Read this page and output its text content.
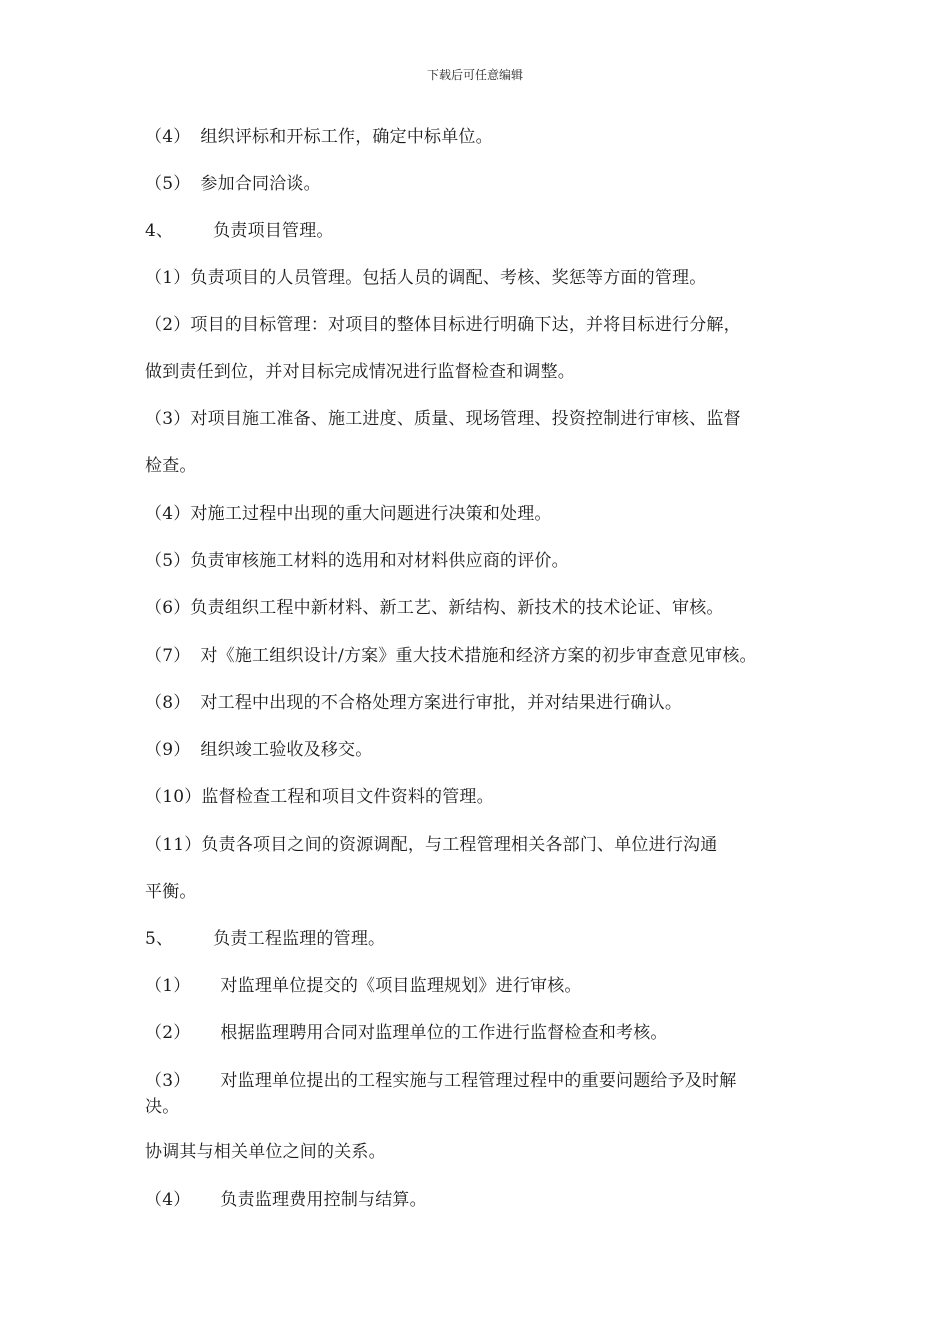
下载后可任意编辑
（4） 组织评标和开标工作，确定中标单位。
（5） 参加合同洽谈。
4、 负责项目管理。
（1）负责项目的人员管理。包括人员的调配、考核、奖惩等方面的管理。
（2）项目的目标管理：对项目的整体目标进行明确下达，并将目标进行分解，
做到责任到位，并对目标完成情况进行监督检查和调整。
（3）对项目施工准备、施工进度、质量、现场管理、投资控制进行审核、监督
检查。
（4）对施工过程中出现的重大问题进行决策和处理。
（5）负责审核施工材料的选用和对材料供应商的评价。
（6）负责组织工程中新材料、新工艺、新结构、新技术的技术论证、审核。
（7） 对《施工组织设计/方案》重大技术措施和经济方案的初步审查意见审核。
（8） 对工程中出现的不合格处理方案进行审批，并对结果进行确认。
（9） 组织竣工验收及移交。
（10）监督检查工程和项目文件资料的管理。
（11）负责各项目之间的资源调配，与工程管理相关各部门、单位进行沟通
平衡。
5、 负责工程监理的管理。
（1） 对监理单位提交的《项目监理规划》进行审核。
（2） 根据监理聘用合同对监理单位的工作进行监督检查和考核。
（3） 对监理单位提出的工程实施与工程管理过程中的重要问题给予及时解
决。
协调其与相关单位之间的关系。
（4） 负责监理费用控制与结算。
